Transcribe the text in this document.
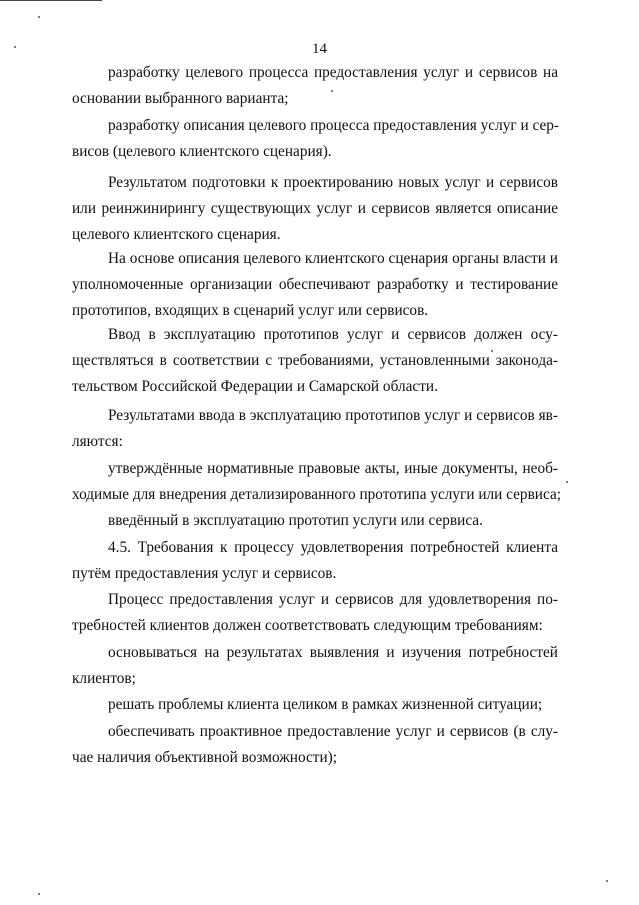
14

разработку целевого процесса предоставления услуг и сервисов на
основании выбранного варианта;

разработку описания целевого процесса предоставления услуг и сер-
висов (целевого клиентского сценария).

Результатом подготовки к проектированию новых услуг и сервисов
или реинжинирингу существующих услуг и сервисов является описание
целевого клиентского сценария.

На основе описания целевого клиентского сценария органы власти и
уполномоченные организации обеспечивают разработку и тестирование
прототипов, входящих в сценарий услуг или сервисов.

Ввод в эксплуатацию прототипов услуг и сервисов должен осу-
ществляться в соответствии с требованиями, установленными законода-
тельством Российской Федерации и Самарской области.

Результатами ввода в эксплуатацию прототипов услуг и сервисов яв-
ляются:

утверждённые нормативные правовые акты, иные документы, необ-
ходимые для внедрения детализированного прототипа услуги или сервиса;

введённый в эксплуатацию прототип услуги или сервиса.

4.5. Требования к процессу удовлетворения потребностей клиента
путём предоставления услуг и сервисов.

Процесс предоставления услуг и сервисов для удовлетворения по-
требностей клиентов должен соответствовать следующим требованиям:

основываться на результатах выявления и изучения потребностей
клиентов;

решать проблемы клиента целиком в рамках жизненной ситуации;

обеспечивать проактивное предоставление услуг и сервисов (в слу-
чае наличия объективной возможности);
